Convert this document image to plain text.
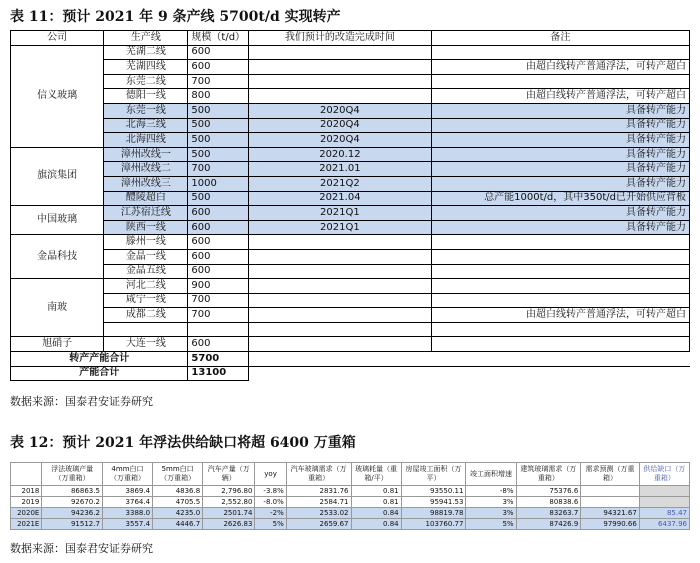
表 11：预计 2021 年 9 条产线 5700t/d 实现转产
公司	生产线	规模（t/d）	我们预计的改造完成时间	备注
信义玻璃	芜湖二线	600		
	芜湖四线	600		由超白线转产普通浮法，可转产超白
	东莞二线	700		
	德阳一线	800		由超白线转产普通浮法，可转产超白
	东莞一线	500	2020Q4	具备转产能力
	北海三线	500	2020Q4	具备转产能力
	北海四线	500	2020Q4	具备转产能力
旗滨集团	漳州改线一	500	2020.12	具备转产能力
	漳州改线二	700	2021.01	具备转产能力
	漳州改线三	1000	2021Q2	具备转产能力
	醴陵超白	500	2021.04	总产能1000t/d，其中350t/d已开始供应背板
中国玻璃	江苏宿迁线	600	2021Q1	具备转产能力
	陕西一线	600	2021Q1	具备转产能力
金晶科技	滕州一线	600		
	金晶一线	600		
	金晶五线	600		
南玻	河北二线	900		
	咸宁一线	700		
	成都二线	700		由超白线转产普通浮法，可转产超白

旭硝子	大连一线	600		
转产产能合计		5700		
产能合计		13100		
数据来源：国泰君安证券研究
表 12：预计 2021 年浮法供给缺口将超 6400 万重箱
	浮法玻璃产量（万重箱）	4mm白口（万重箱）	5mm白口（万重箱）	汽车产量（万辆）	yoy	汽车玻璃需求（万重箱）	玻璃耗量（重箱/平）	房屋竣工面积（万平）	竣工面积增速	建筑玻璃需求（万重箱）	需求预测（万重箱）	供给缺口（万重箱）
2018	86863.5	3869.4	4836.8	2,796.80	-3.8%	2831.76	0.81	93550.11	-8%	75376.6		
2019	92670.2	3764.4	4705.5	2,552.80	-8.0%	2584.71	0.81	95941.53	3%	80838.6		
2020E	94236.2	3388.0	4235.0	2501.74	-2%	2533.02	0.84	98819.78	3%	83263.7	94321.67	85.47
2021E	91512.7	3557.4	4446.7	2626.83	5%	2659.67	0.84	103760.77	5%	87426.9	97990.66	6437.96
数据来源：国泰君安证券研究
